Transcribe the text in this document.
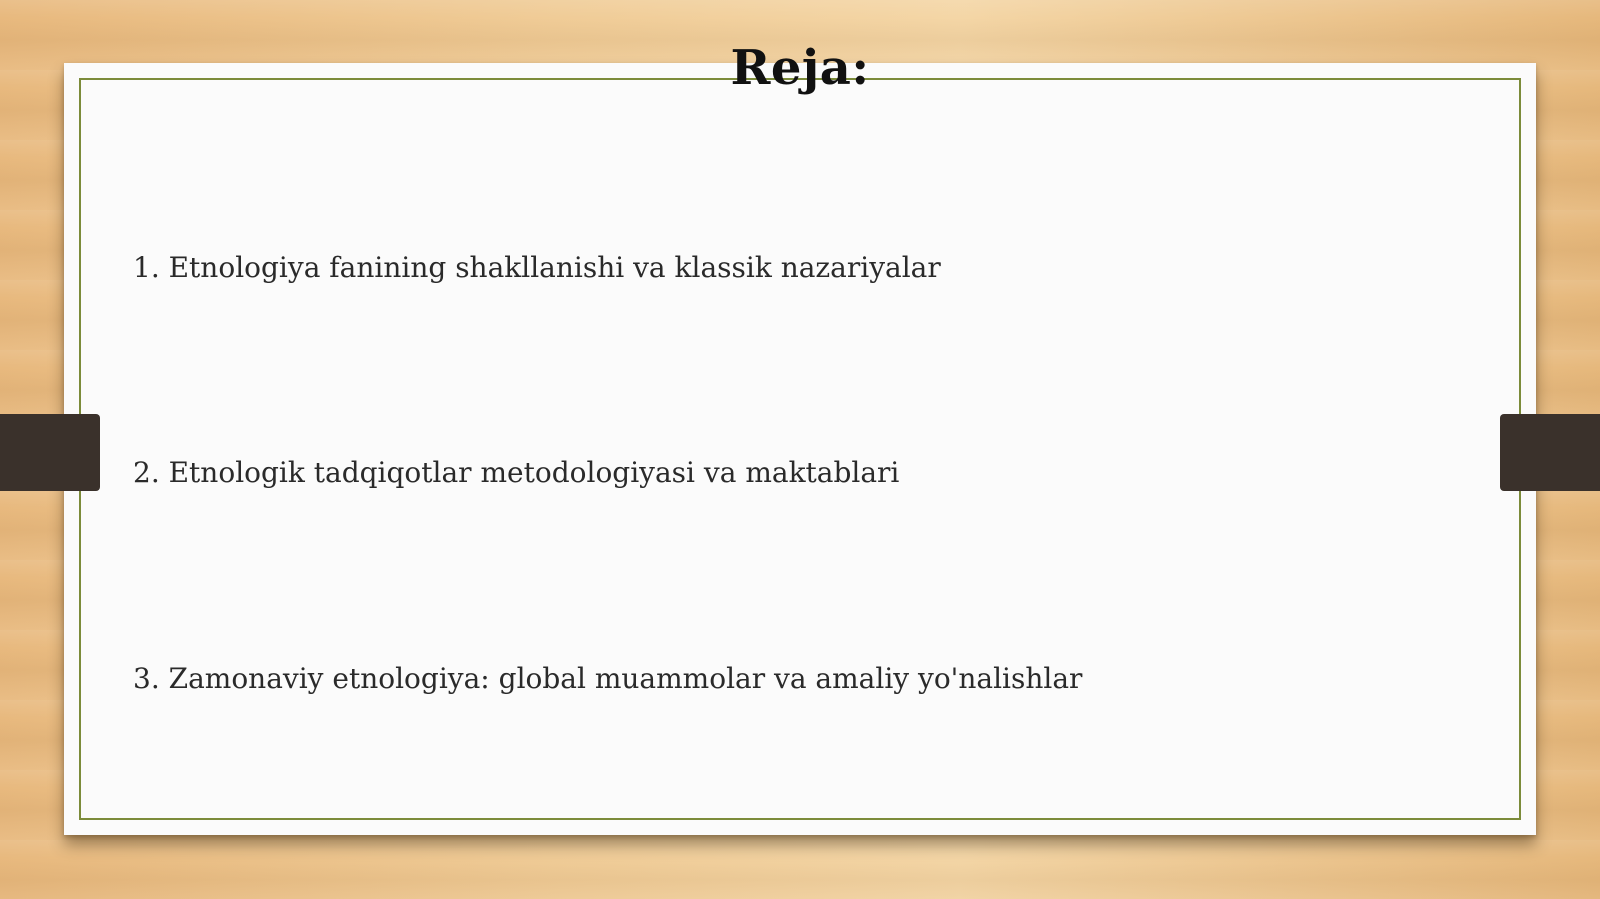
Reja:
1. Etnologiya fanining shakllanishi va klassik nazariyalar
2. Etnologik tadqiqotlar metodologiyasi va maktablari
3. Zamonaviy etnologiya: global muammolar va amaliy yo'nalishlar
